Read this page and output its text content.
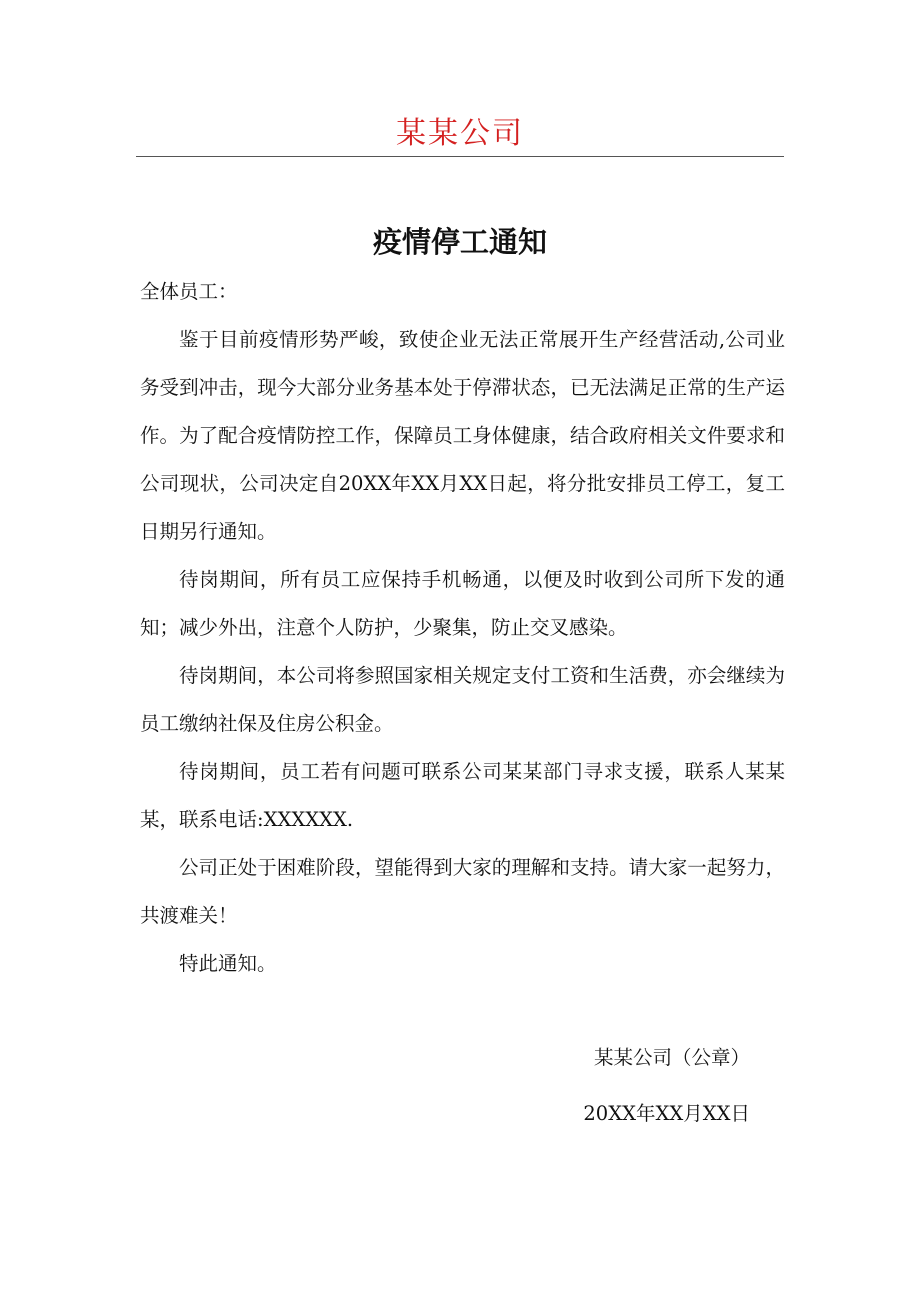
某某公司
疫情停工通知

全体员工：

鉴于目前疫情形势严峻，致使企业无法正常展开生产经营活动,公司业务受到冲击，现今大部分业务基本处于停滞状态，已无法满足正常的生产运作。为了配合疫情防控工作，保障员工身体健康，结合政府相关文件要求和公司现状，公司决定自20XX年XX月XX日起，将分批安排员工停工，复工日期另行通知。

待岗期间，所有员工应保持手机畅通，以便及时收到公司所下发的通知；减少外出，注意个人防护，少聚集，防止交叉感染。

待岗期间，本公司将参照国家相关规定支付工资和生活费，亦会继续为员工缴纳社保及住房公积金。

待岗期间，员工若有问题可联系公司某某部门寻求支援，联系人某某某，联系电话:XXXXXX.

公司正处于困难阶段，望能得到大家的理解和支持。请大家一起努力，共渡难关！

特此通知。

某某公司（公章）
20XX年XX月XX日
